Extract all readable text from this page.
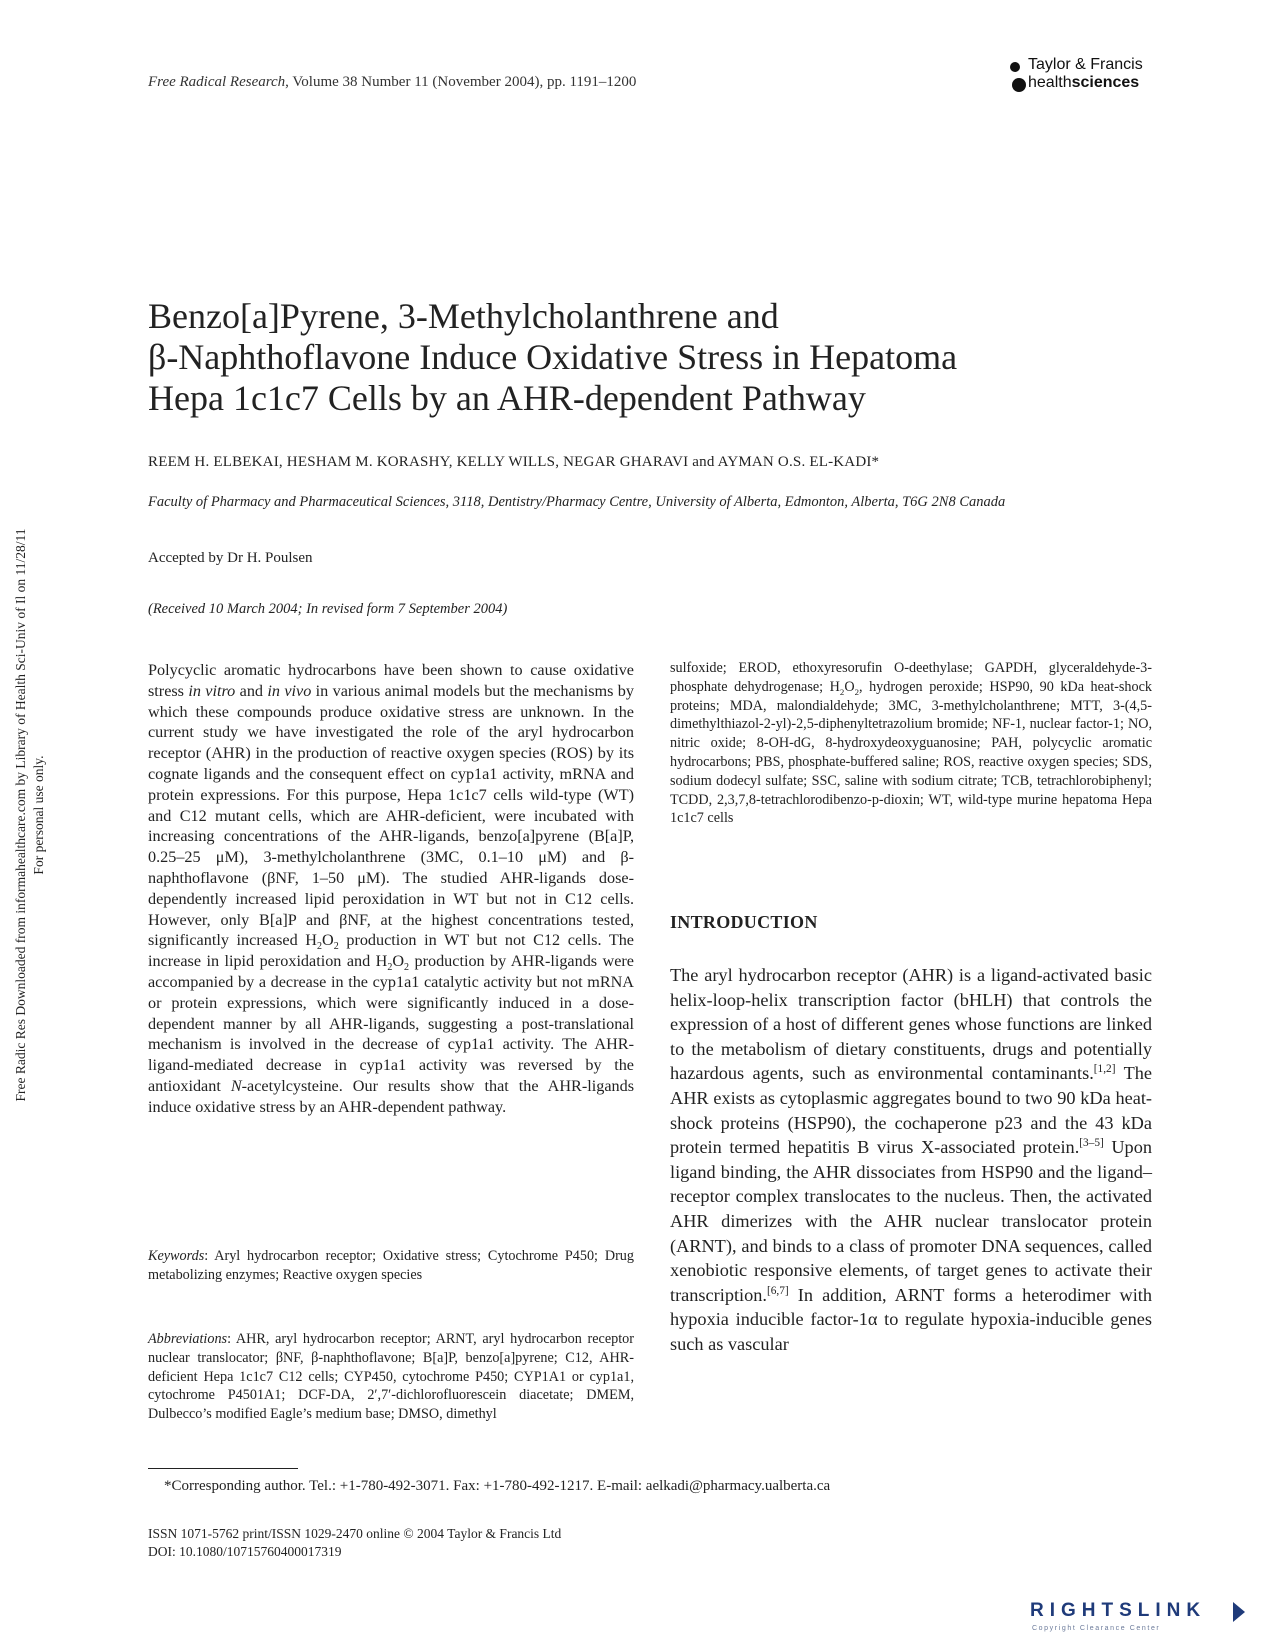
Free Radical Research, Volume 38 Number 11 (November 2004), pp. 1191–1200
Taylor & Francis
healthsciences
Free Radic Res Downloaded from informahealthcare.com by Library of Health Sci-Univ of Il on 11/28/11 For personal use only.
Benzo[a]Pyrene, 3-Methylcholanthrene and
β-Naphthoflavone Induce Oxidative Stress in Hepatoma
Hepa 1c1c7 Cells by an AHR-dependent Pathway
REEM H. ELBEKAI, HESHAM M. KORASHY, KELLY WILLS, NEGAR GHARAVI and AYMAN O.S. EL-KADI*
Faculty of Pharmacy and Pharmaceutical Sciences, 3118, Dentistry/Pharmacy Centre, University of Alberta, Edmonton, Alberta, T6G 2N8 Canada
Accepted by Dr H. Poulsen
(Received 10 March 2004; In revised form 7 September 2004)
Polycyclic aromatic hydrocarbons have been shown to cause oxidative stress in vitro and in vivo in various animal models but the mechanisms by which these compounds produce oxidative stress are unknown. In the current study we have investigated the role of the aryl hydrocarbon receptor (AHR) in the production of reactive oxygen species (ROS) by its cognate ligands and the consequent effect on cyp1a1 activity, mRNA and protein expressions. For this purpose, Hepa 1c1c7 cells wild-type (WT) and C12 mutant cells, which are AHR-deficient, were incubated with increasing concentrations of the AHR-ligands, benzo[a]pyrene (B[a]P, 0.25–25 μM), 3-methylcholanthrene (3MC, 0.1–10 μM) and β-naphthoflavone (βNF, 1–50 μM). The studied AHR-ligands dose-dependently increased lipid peroxidation in WT but not in C12 cells. However, only B[a]P and βNF, at the highest concentrations tested, significantly increased $H_2O_2$ production in WT but not C12 cells. The increase in lipid peroxidation and $H_2O_2$ production by AHR-ligands were accompanied by a decrease in the cyp1a1 catalytic activity but not mRNA or protein expressions, which were significantly induced in a dose-dependent manner by all AHR-ligands, suggesting a post-translational mechanism is involved in the decrease of cyp1a1 activity. The AHR-ligand-mediated decrease in cyp1a1 activity was reversed by the antioxidant N-acetylcysteine. Our results show that the AHR-ligands induce oxidative stress by an AHR-dependent pathway.
Keywords: Aryl hydrocarbon receptor; Oxidative stress; Cytochrome P450; Drug metabolizing enzymes; Reactive oxygen species
Abbreviations: AHR, aryl hydrocarbon receptor; ARNT, aryl hydrocarbon receptor nuclear translocator; βNF, β-naphthoflavone; B[a]P, benzo[a]pyrene; C12, AHR-deficient Hepa 1c1c7 C12 cells; CYP450, cytochrome P450; CYP1A1 or cyp1a1, cytochrome P4501A1; DCF-DA, 2′,7′-dichlorofluorescein diacetate; DMEM, Dulbecco’s modified Eagle’s medium base; DMSO, dimethyl
sulfoxide; EROD, ethoxyresorufin O-deethylase; GAPDH, glyceraldehyde-3-phosphate dehydrogenase; $H_2O_2$, hydrogen peroxide; HSP90, 90 kDa heat-shock proteins; MDA, malondialdehyde; 3MC, 3-methylcholanthrene; MTT, 3-(4,5-dimethylthiazol-2-yl)-2,5-diphenyltetrazolium bromide; NF-1, nuclear factor-1; NO, nitric oxide; 8-OH-dG, 8-hydroxydeoxyguanosine; PAH, polycyclic aromatic hydrocarbons; PBS, phosphate-buffered saline; ROS, reactive oxygen species; SDS, sodium dodecyl sulfate; SSC, saline with sodium citrate; TCB, tetrachlorobiphenyl; TCDD, 2,3,7,8-tetrachlorodibenzo-p-dioxin; WT, wild-type murine hepatoma Hepa 1c1c7 cells
INTRODUCTION
The aryl hydrocarbon receptor (AHR) is a ligand-activated basic helix-loop-helix transcription factor (bHLH) that controls the expression of a host of different genes whose functions are linked to the metabolism of dietary constituents, drugs and potentially hazardous agents, such as environmental contaminants.[1,2] The AHR exists as cytoplasmic aggregates bound to two 90 kDa heat-shock proteins (HSP90), the cochaperone p23 and the 43 kDa protein termed hepatitis B virus X-associated protein.[3–5] Upon ligand binding, the AHR dissociates from HSP90 and the ligand–receptor complex translocates to the nucleus. Then, the activated AHR dimerizes with the AHR nuclear translocator protein (ARNT), and binds to a class of promoter DNA sequences, called xenobiotic responsive elements, of target genes to activate their transcription.[6,7] In addition, ARNT forms a heterodimer with hypoxia inducible factor-1α to regulate hypoxia-inducible genes such as vascular
*Corresponding author. Tel.: +1-780-492-3071. Fax: +1-780-492-1217. E-mail: aelkadi@pharmacy.ualberta.ca
ISSN 1071-5762 print/ISSN 1029-2470 online © 2004 Taylor & Francis Ltd
DOI: 10.1080/10715760400017319
RIGHTSLINK
Copyright Clearance Center
